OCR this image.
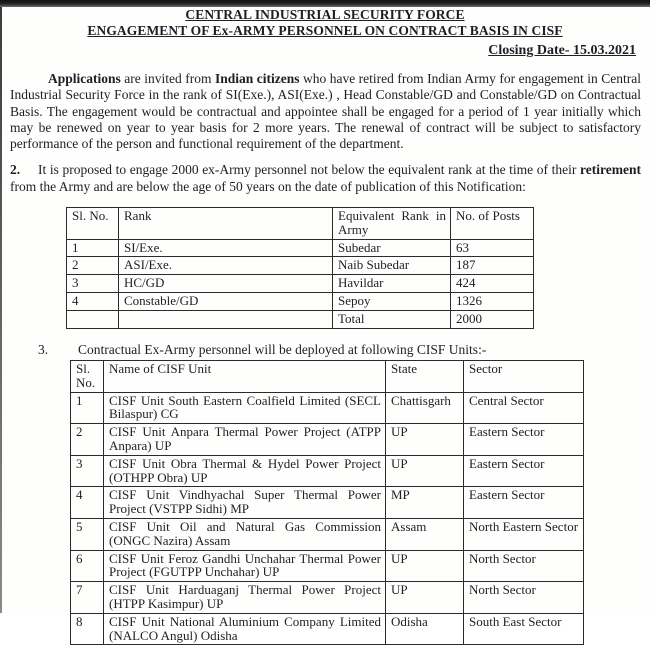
CENTRAL INDUSTRIAL SECURITY FORCE
ENGAGEMENT OF Ex-ARMY PERSONNEL ON CONTRACT BASIS IN CISF
Closing Date- 15.03.2021

Applications are invited from Indian citizens who have retired from Indian Army for engagement in Central Industrial Security Force in the rank of SI(Exe.), ASI(Exe.) , Head Constable/GD and Constable/GD on Contractual Basis. The engagement would be contractual and appointee shall be engaged for a period of 1 year initially which may be renewed on year to year basis for 2 more years. The renewal of contract will be subject to satisfactory performance of the person and functional requirement of the department.

2. It is proposed to engage 2000 ex-Army personnel not below the equivalent rank at the time of their retirement from the Army and are below the age of 50 years on the date of publication of this Notification:

Sl. No.	Rank	Equivalent Rank in Army	No. of Posts
1	SI/Exe.	Subedar	63
2	ASI/Exe.	Naib Subedar	187
3	HC/GD	Havildar	424
4	Constable/GD	Sepoy	1326
		Total	2000

3. Contractual Ex-Army personnel will be deployed at following CISF Units:-

Sl. No.	Name of CISF Unit	State	Sector
1	CISF Unit South Eastern Coalfield Limited (SECL Bilaspur) CG	Chattisgarh	Central Sector
2	CISF Unit Anpara Thermal Power Project (ATPP Anpara) UP	UP	Eastern Sector
3	CISF Unit Obra Thermal & Hydel Power Project (OTHPP Obra) UP	UP	Eastern Sector
4	CISF Unit Vindhyachal Super Thermal Power Project (VSTPP Sidhi) MP	MP	Eastern Sector
5	CISF Unit Oil and Natural Gas Commission (ONGC Nazira) Assam	Assam	North Eastern Sector
6	CISF Unit Feroz Gandhi Unchahar Thermal Power Project (FGUTPP Unchahar) UP	UP	North Sector
7	CISF Unit Harduaganj Thermal Power Project (HTPP Kasimpur) UP	UP	North Sector
8	CISF Unit National Aluminium Company Limited (NALCO Angul) Odisha	Odisha	South East Sector
